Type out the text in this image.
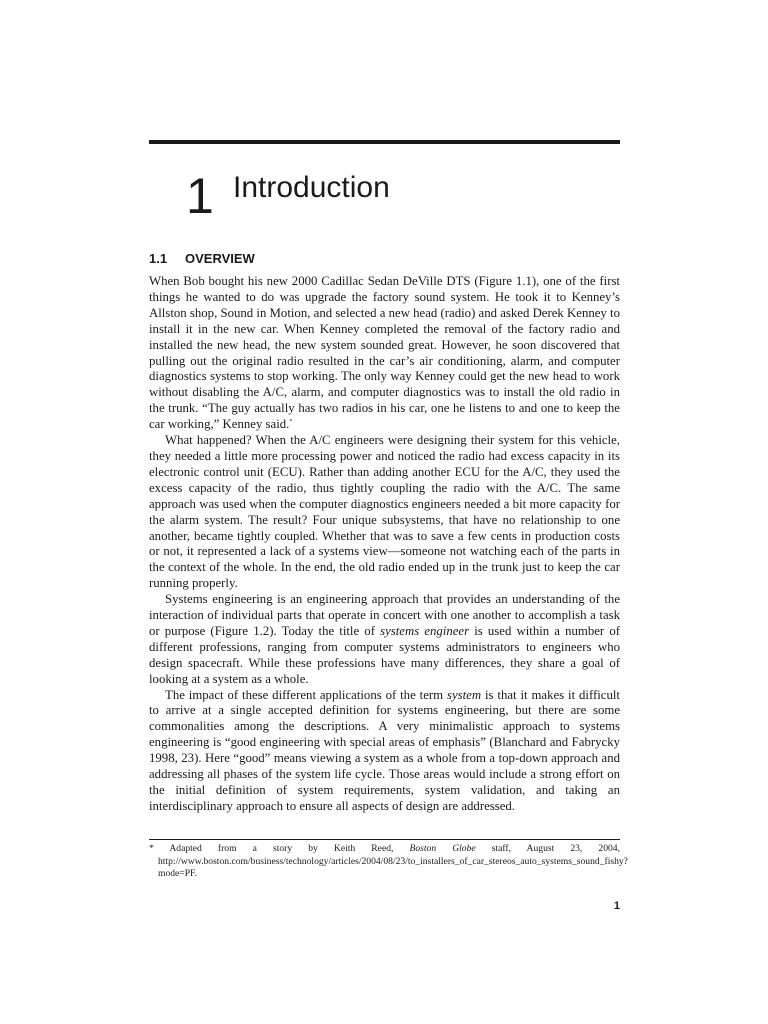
1 Introduction
1.1 OVERVIEW

When Bob bought his new 2000 Cadillac Sedan DeVille DTS (Figure 1.1), one of the first things he wanted to do was upgrade the factory sound system. He took it to Kenney’s Allston shop, Sound in Motion, and selected a new head (radio) and asked Derek Kenney to install it in the new car. When Kenney completed the removal of the factory radio and installed the new head, the new system sounded great. However, he soon discovered that pulling out the original radio resulted in the car’s air conditioning, alarm, and computer diagnostics systems to stop working. The only way Kenney could get the new head to work without disabling the A/C, alarm, and computer diagnostics was to install the old radio in the trunk. “The guy actually has two radios in his car, one he listens to and one to keep the car working,” Kenney said.*

What happened? When the A/C engineers were designing their system for this vehicle, they needed a little more processing power and noticed the radio had excess capacity in its electronic control unit (ECU). Rather than adding another ECU for the A/C, they used the excess capacity of the radio, thus tightly coupling the radio with the A/C. The same approach was used when the computer diagnostics engineers needed a bit more capacity for the alarm system. The result? Four unique subsystems, that have no relationship to one another, became tightly coupled. Whether that was to save a few cents in production costs or not, it represented a lack of a systems view—someone not watching each of the parts in the context of the whole. In the end, the old radio ended up in the trunk just to keep the car running properly.

Systems engineering is an engineering approach that provides an understanding of the interaction of individual parts that operate in concert with one another to accomplish a task or purpose (Figure 1.2). Today the title of systems engineer is used within a number of different professions, ranging from computer systems administrators to engineers who design spacecraft. While these professions have many differences, they share a goal of looking at a system as a whole.

The impact of these different applications of the term system is that it makes it difficult to arrive at a single accepted definition for systems engineering, but there are some commonalities among the descriptions. A very minimalistic approach to systems engineering is “good engineering with special areas of emphasis” (Blanchard and Fabrycky 1998, 23). Here “good” means viewing a system as a whole from a top-down approach and addressing all phases of the system life cycle. Those areas would include a strong effort on the initial definition of system requirements, system validation, and taking an interdisciplinary approach to ensure all aspects of design are addressed.

* Adapted from a story by Keith Reed, Boston Globe staff, August 23, 2004, http://www.boston.com/business/technology/articles/2004/08/23/to_installers_of_car_stereos_auto_systems_sound_fishy?mode=PF.
1
